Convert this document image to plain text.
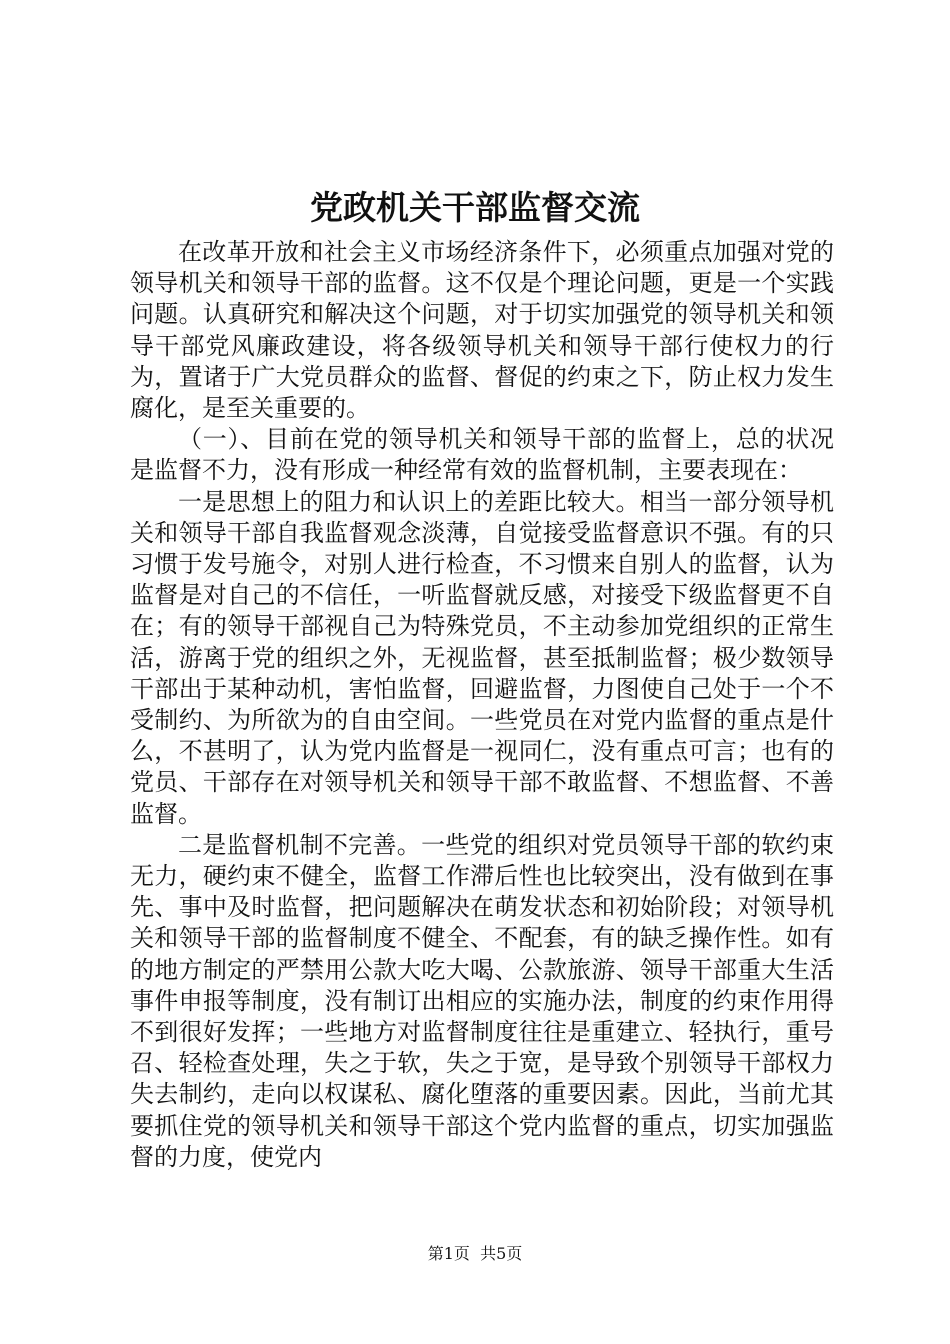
党政机关干部监督交流

在改革开放和社会主义市场经济条件下，必须重点加强对党的领导机关和领导干部的监督。这不仅是个理论问题，更是一个实践问题。认真研究和解决这个问题，对于切实加强党的领导机关和领导干部党风廉政建设，将各级领导机关和领导干部行使权力的行为，置诸于广大党员群众的监督、督促的约束之下，防止权力发生腐化，是至关重要的。

（一）、目前在党的领导机关和领导干部的监督上，总的状况是监督不力，没有形成一种经常有效的监督机制，主要表现在：

一是思想上的阻力和认识上的差距比较大。相当一部分领导机关和领导干部自我监督观念淡薄，自觉接受监督意识不强。有的只习惯于发号施令，对别人进行检查，不习惯来自别人的监督，认为监督是对自己的不信任，一听监督就反感，对接受下级监督更不自在；有的领导干部视自己为特殊党员，不主动参加党组织的正常生活，游离于党的组织之外，无视监督，甚至抵制监督；极少数领导干部出于某种动机，害怕监督，回避监督，力图使自己处于一个不受制约、为所欲为的自由空间。一些党员在对党内监督的重点是什么，不甚明了，认为党内监督是一视同仁，没有重点可言；也有的党员、干部存在对领导机关和领导干部不敢监督、不想监督、不善监督。

二是监督机制不完善。一些党的组织对党员领导干部的软约束无力，硬约束不健全，监督工作滞后性也比较突出，没有做到在事先、事中及时监督，把问题解决在萌发状态和初始阶段；对领导机关和领导干部的监督制度不健全、不配套，有的缺乏操作性。如有的地方制定的严禁用公款大吃大喝、公款旅游、领导干部重大生活事件申报等制度，没有制订出相应的实施办法，制度的约束作用得不到很好发挥；一些地方对监督制度往往是重建立、轻执行，重号召、轻检查处理，失之于软，失之于宽，是导致个别领导干部权力失去制约，走向以权谋私、腐化堕落的重要因素。因此，当前尤其要抓住党的领导机关和领导干部这个党内监督的重点，切实加强监督的力度，使党内

第1页 共5页
